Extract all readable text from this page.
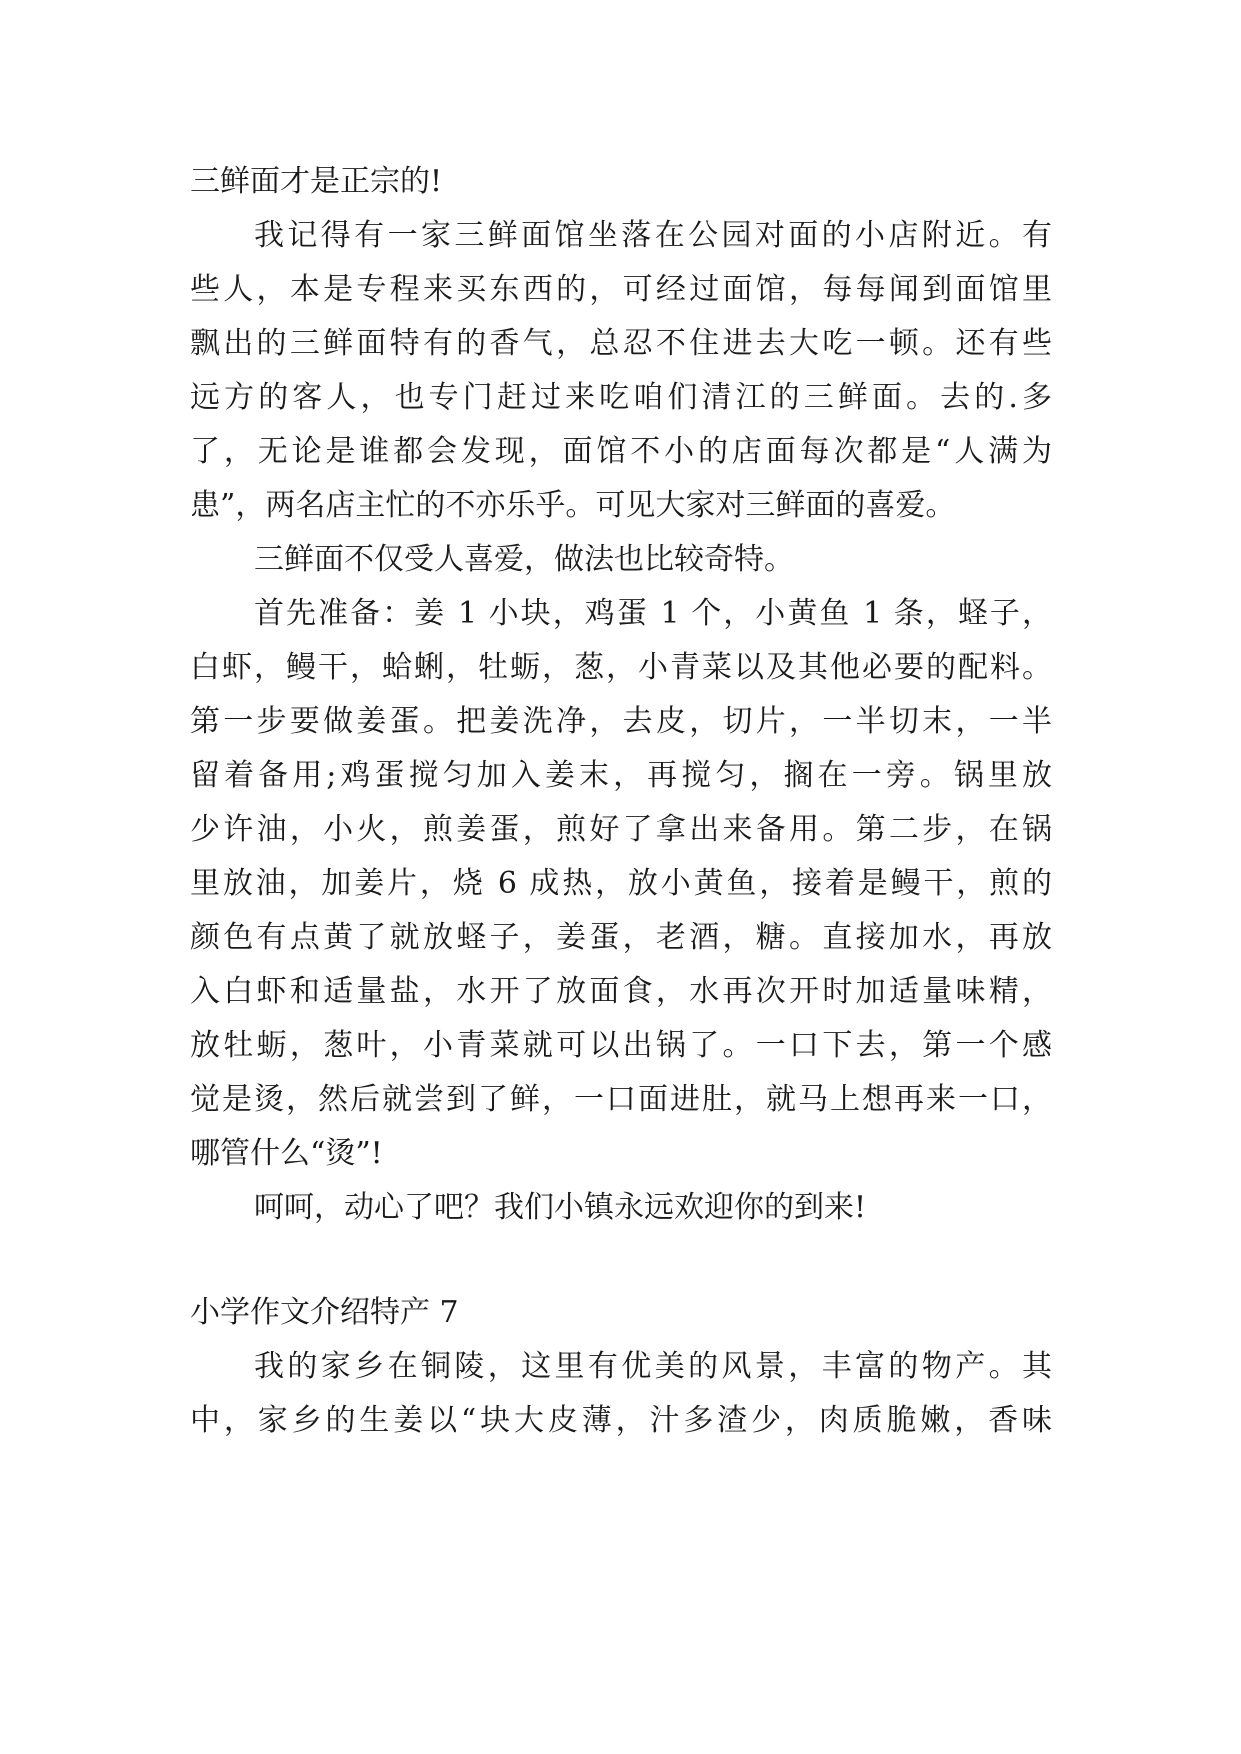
三鲜面才是正宗的!
我记得有一家三鲜面馆坐落在公园对面的小店附近。有
些人，本是专程来买东西的，可经过面馆，每每闻到面馆里
飘出的三鲜面特有的香气，总忍不住进去大吃一顿。还有些
远方的客人，也专门赶过来吃咱们清江的三鲜面。去的.多
了，无论是谁都会发现，面馆不小的店面每次都是“人满为
患”，两名店主忙的不亦乐乎。可见大家对三鲜面的喜爱。
三鲜面不仅受人喜爱，做法也比较奇特。
首先准备：姜 1 小块，鸡蛋 1 个，小黄鱼 1 条，蛏子，
白虾，鳗干，蛤蜊，牡蛎，葱，小青菜以及其他必要的配料。
第一步要做姜蛋。把姜洗净，去皮，切片，一半切末，一半
留着备用;鸡蛋搅匀加入姜末，再搅匀，搁在一旁。锅里放
少许油，小火，煎姜蛋，煎好了拿出来备用。第二步，在锅
里放油，加姜片，烧 6 成热，放小黄鱼，接着是鳗干，煎的
颜色有点黄了就放蛏子，姜蛋，老酒，糖。直接加水，再放
入白虾和适量盐，水开了放面食，水再次开时加适量味精，
放牡蛎，葱叶，小青菜就可以出锅了。一口下去，第一个感
觉是烫，然后就尝到了鲜，一口面进肚，就马上想再来一口，
哪管什么“烫”!
呵呵，动心了吧？我们小镇永远欢迎你的到来!
小学作文介绍特产 7
我的家乡在铜陵，这里有优美的风景，丰富的物产。其
中，家乡的生姜以“块大皮薄，汁多渣少，肉质脆嫩，香味
